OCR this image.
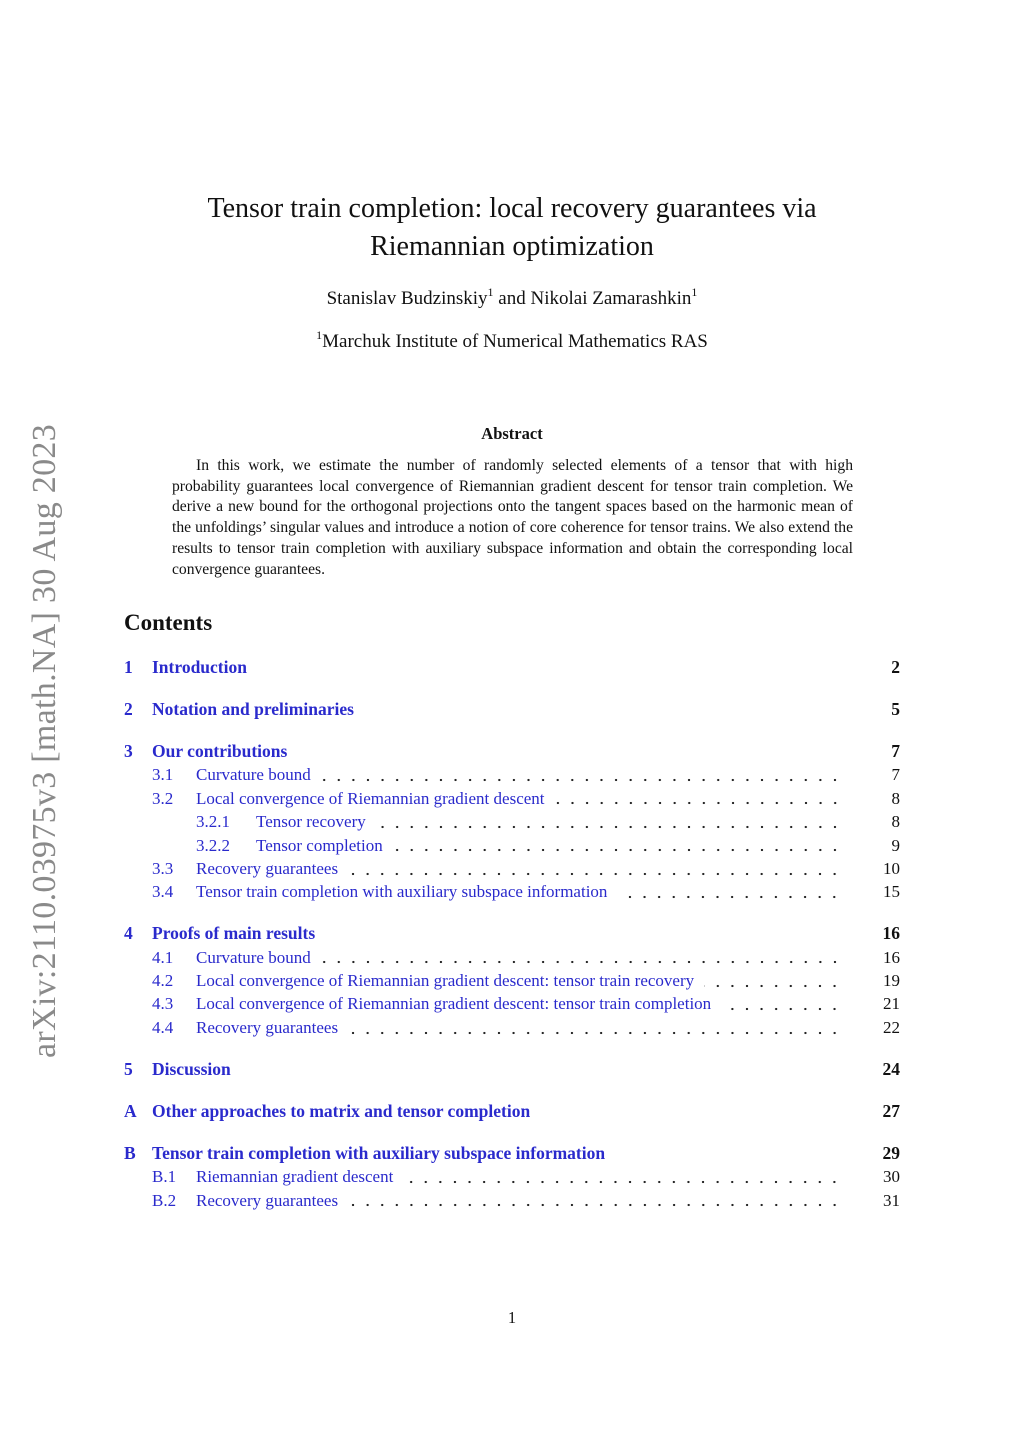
arXiv:2110.03975v3 [math.NA] 30 Aug 2023
Tensor train completion: local recovery guarantees via
Riemannian optimization
Stanislav Budzinskiy$^1$ and Nikolai Zamarashkin$^1$
$^1$Marchuk Institute of Numerical Mathematics RAS
Abstract
In this work, we estimate the number of randomly selected elements of a tensor that with high probability guarantees local convergence of Riemannian gradient descent for tensor train completion. We derive a new bound for the orthogonal projections onto the tangent spaces based on the harmonic mean of the unfoldings’ singular values and introduce a notion of core coherence for tensor trains. We also extend the results to tensor train completion with auxiliary subspace information and obtain the corresponding local convergence guarantees.
Contents
1	Introduction	2
2	Notation and preliminaries	5
3	Our contributions	7
3.1	Curvature bound	7
3.2	Local convergence of Riemannian gradient descent	8
3.2.1	Tensor recovery	8
3.2.2	Tensor completion	9
3.3	Recovery guarantees	10
3.4	Tensor train completion with auxiliary subspace information	15
4	Proofs of main results	16
4.1	Curvature bound	16
4.2	Local convergence of Riemannian gradient descent: tensor train recovery	19
4.3	Local convergence of Riemannian gradient descent: tensor train completion	21
4.4	Recovery guarantees	22
5	Discussion	24
A Other approaches to matrix and tensor completion	27
B Tensor train completion with auxiliary subspace information	29
B.1	Riemannian gradient descent	30
B.2	Recovery guarantees	31
1
